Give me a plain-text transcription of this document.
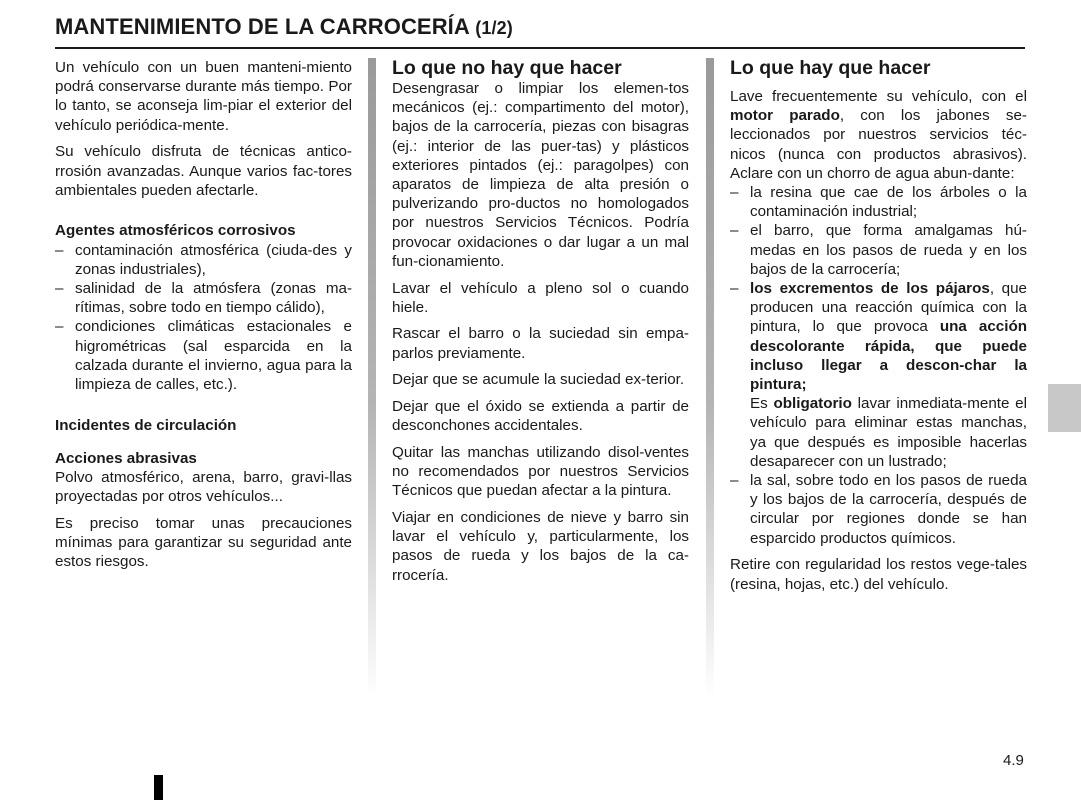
MANTENIMIENTO DE LA CARROCERÍA (1/2)

Un vehículo con un buen manteni-miento podrá conservarse durante más tiempo. Por lo tanto, se aconseja lim-piar el exterior del vehículo periódica-mente.

Su vehículo disfruta de técnicas antico-rrosión avanzadas. Aunque varios fac-tores ambientales pueden afectarle.

Agentes atmosféricos corrosivos
– contaminación atmosférica (ciuda-des y zonas industriales),
– salinidad de la atmósfera (zonas ma-rítimas, sobre todo en tiempo cálido),
– condiciones climáticas estacionales e higrométricas (sal esparcida en la calzada durante el invierno, agua para la limpieza de calles, etc.).
Incidentes de circulación
Acciones abrasivas

Polvo atmosférico, arena, barro, gravi-llas proyectadas por otros vehículos...

Es preciso tomar unas precauciones mínimas para garantizar su seguridad ante estos riesgos.

Lo que no hay que hacer

Desengrasar o limpiar los elemen-tos mecánicos (ej.: compartimento del motor), bajos de la carrocería, piezas con bisagras (ej.: interior de las puer-tas) y plásticos exteriores pintados (ej.: paragolpes) con aparatos de limpieza de alta presión o pulverizando pro-ductos no homologados por nuestros Servicios Técnicos. Podría provocar oxidaciones o dar lugar a un mal fun-cionamiento.

Lavar el vehículo a pleno sol o cuando hiele.

Rascar el barro o la suciedad sin empa-parlos previamente.

Dejar que se acumule la suciedad ex-terior.

Dejar que el óxido se extienda a partir de desconchones accidentales.

Quitar las manchas utilizando disol-ventes no recomendados por nuestros Servicios Técnicos que puedan afectar a la pintura.

Viajar en condiciones de nieve y barro sin lavar el vehículo y, particularmente, los pasos de rueda y los bajos de la ca-rrocería.

Lo que hay que hacer

Lave frecuentemente su vehículo, con el motor parado, con los jabones se-leccionados por nuestros servicios téc-nicos (nunca con productos abrasivos). Aclare con un chorro de agua abun-dante:

– la resina que cae de los árboles o la contaminación industrial;
– el barro, que forma amalgamas hú-medas en los pasos de rueda y en los bajos de la carrocería;
– los excrementos de los pájaros, que producen una reacción química con la pintura, lo que provoca una acción descolorante rápida, que puede incluso llegar a descon-char la pintura;
Es obligatorio lavar inmediata-mente el vehículo para eliminar estas manchas, ya que después es imposible hacerlas desaparecer con un lustrado;
– la sal, sobre todo en los pasos de rueda y los bajos de la carrocería, después de circular por regiones donde se han esparcido productos químicos.

Retire con regularidad los restos vege-tales (resina, hojas, etc.) del vehículo.

4.9
